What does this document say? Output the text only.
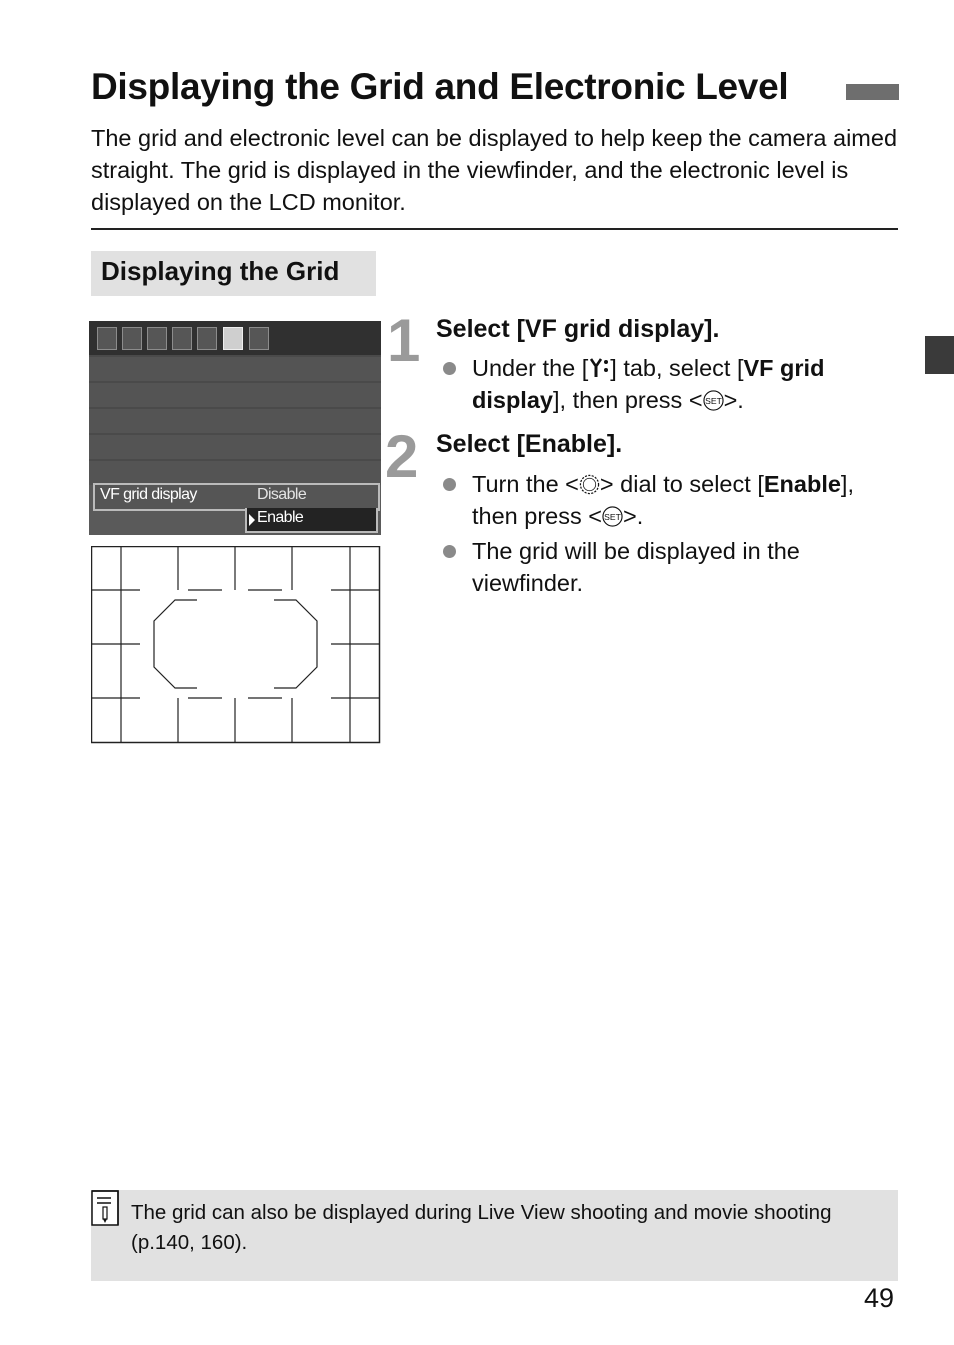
Displaying the Grid and Electronic Level
The grid and electronic level can be displayed to help keep the camera aimed straight. The grid is displayed in the viewfinder, and the electronic level is displayed on the LCD monitor.
Displaying the Grid
VF grid display	Disable
Enable
1 Select [VF grid display].
Under the [ ] tab, select [VF grid display], then press < SET >.
2 Select [Enable].
Turn the < > dial to select [Enable], then press < SET >.
The grid will be displayed in the viewfinder.
The grid can also be displayed during Live View shooting and movie shooting (p.140, 160).
49
